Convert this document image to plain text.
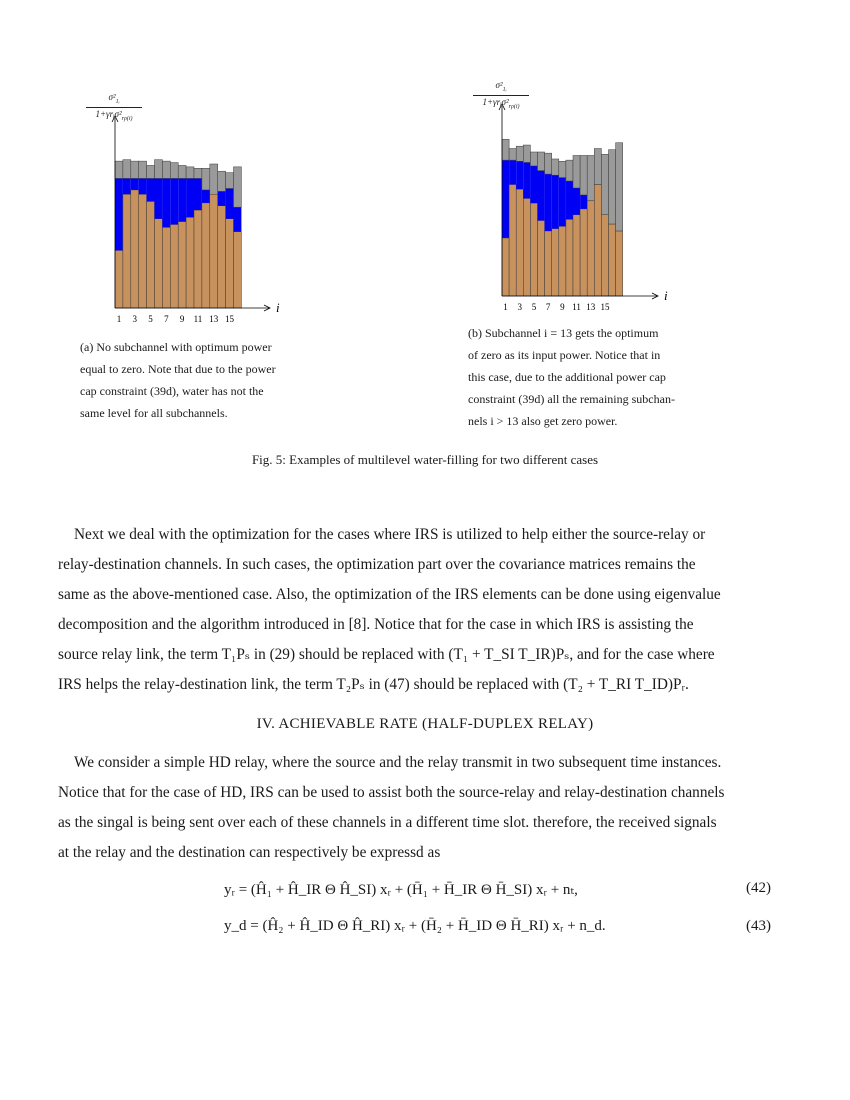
$\sigma^2_{1ᵢ}$
$1+\gamma rᵢ\sigma^2_{r\rho(i)}$
i
1 3 5 7 9 11 13 15
(a) No subchannel with optimum power
equal to zero. Note that due to the power
cap constraint (39d), water has not the
same level for all subchannels.
$\sigma^2_{1ᵢ}$
$1+\gamma rᵢ\sigma^2_{r\rho(i)}$
i
1 3 5 7 9 11 13 15
(b) Subchannel i = 13 gets the optimum
of zero as its input power. Notice that in
this case, due to the additional power cap
constraint (39d) all the remaining subchan-
nels i > 13 also get zero power.
Fig. 5: Examples of multilevel water-filling for two different cases
Next we deal with the optimization for the cases where IRS is utilized to help either the source-relay or
relay-destination channels. In such cases, the optimization part over the covariance matrices remains the
same as the above-mentioned case. Also, the optimization of the IRS elements can be done using eigenvalue
decomposition and the algorithm introduced in [8]. Notice that for the case in which IRS is assisting the
source relay link, the term T₁Pₛ in (29) should be replaced with (T₁ + T_SI T_IR)Pₛ, and for the case where
IRS helps the relay-destination link, the term T₂Pₛ in (47) should be replaced with (T₂ + T_RI T_ID)Pᵣ.
IV. ACHIEVABLE RATE (HALF-DUPLEX RELAY)
We consider a simple HD relay, where the source and the relay transmit in two subsequent time instances.
Notice that for the case of HD, IRS can be used to assist both the source-relay and relay-destination channels
as the singal is being sent over each of these channels in a different time slot. therefore, the received signals
at the relay and the destination can respectively be expressd as
yᵣ = (Ĥ₁ + Ĥ_IR Θ Ĥ_SI) xᵣ + (H̄₁ + H̄_IR Θ H̄_SI) xᵣ + nₜ,	(42)
y_d = (Ĥ₂ + Ĥ_ID Θ Ĥ_RI) xᵣ + (H̄₂ + H̄_ID Θ H̄_RI) xᵣ + n_d.	(43)
